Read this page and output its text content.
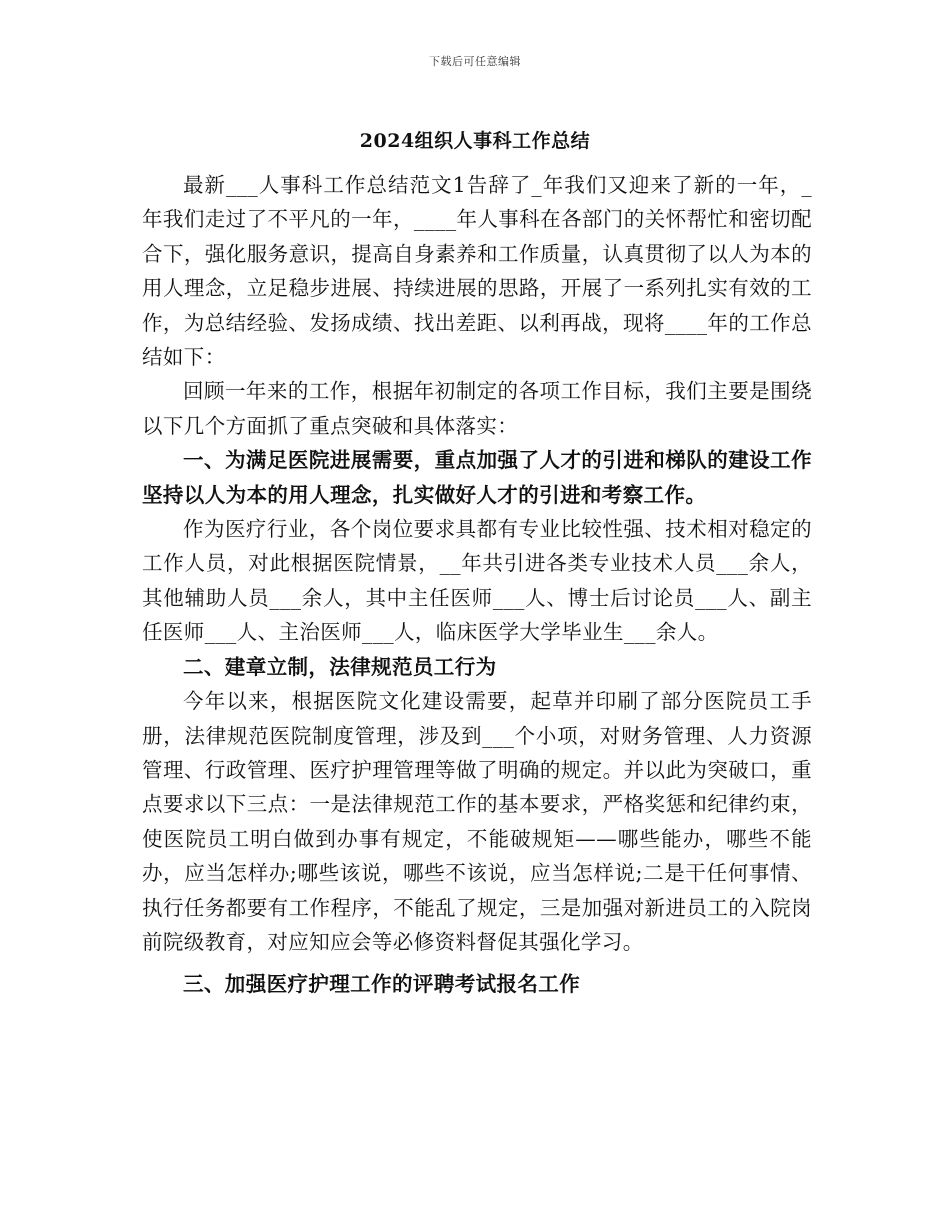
下载后可任意编辑
2024组织人事科工作总结

最新___人事科工作总结范文1告辞了_年我们又迎来了新的一年，_年我们走过了不平凡的一年，____年人事科在各部门的关怀帮忙和密切配合下，强化服务意识，提高自身素养和工作质量，认真贯彻了以人为本的用人理念，立足稳步进展、持续进展的思路，开展了一系列扎实有效的工作，为总结经验、发扬成绩、找出差距、以利再战，现将____年的工作总结如下：

回顾一年来的工作，根据年初制定的各项工作目标，我们主要是围绕以下几个方面抓了重点突破和具体落实：

一、为满足医院进展需要，重点加强了人才的引进和梯队的建设工作坚持以人为本的用人理念，扎实做好人才的引进和考察工作。

作为医疗行业，各个岗位要求具都有专业比较性强、技术相对稳定的工作人员，对此根据医院情景，__年共引进各类专业技术人员___余人，其他辅助人员___余人，其中主任医师___人、博士后讨论员___人、副主任医师___人、主治医师___人，临床医学大学毕业生___余人。

二、建章立制，法律规范员工行为

今年以来，根据医院文化建设需要，起草并印刷了部分医院员工手册，法律规范医院制度管理，涉及到___个小项，对财务管理、人力资源管理、行政管理、医疗护理管理等做了明确的规定。并以此为突破口，重点要求以下三点：一是法律规范工作的基本要求，严格奖惩和纪律约束，使医院员工明白做到办事有规定，不能破规矩——哪些能办，哪些不能办，应当怎样办;哪些该说，哪些不该说，应当怎样说;二是干任何事情、执行任务都要有工作程序，不能乱了规定，三是加强对新进员工的入院岗前院级教育，对应知应会等必修资料督促其强化学习。

三、加强医疗护理工作的评聘考试报名工作
